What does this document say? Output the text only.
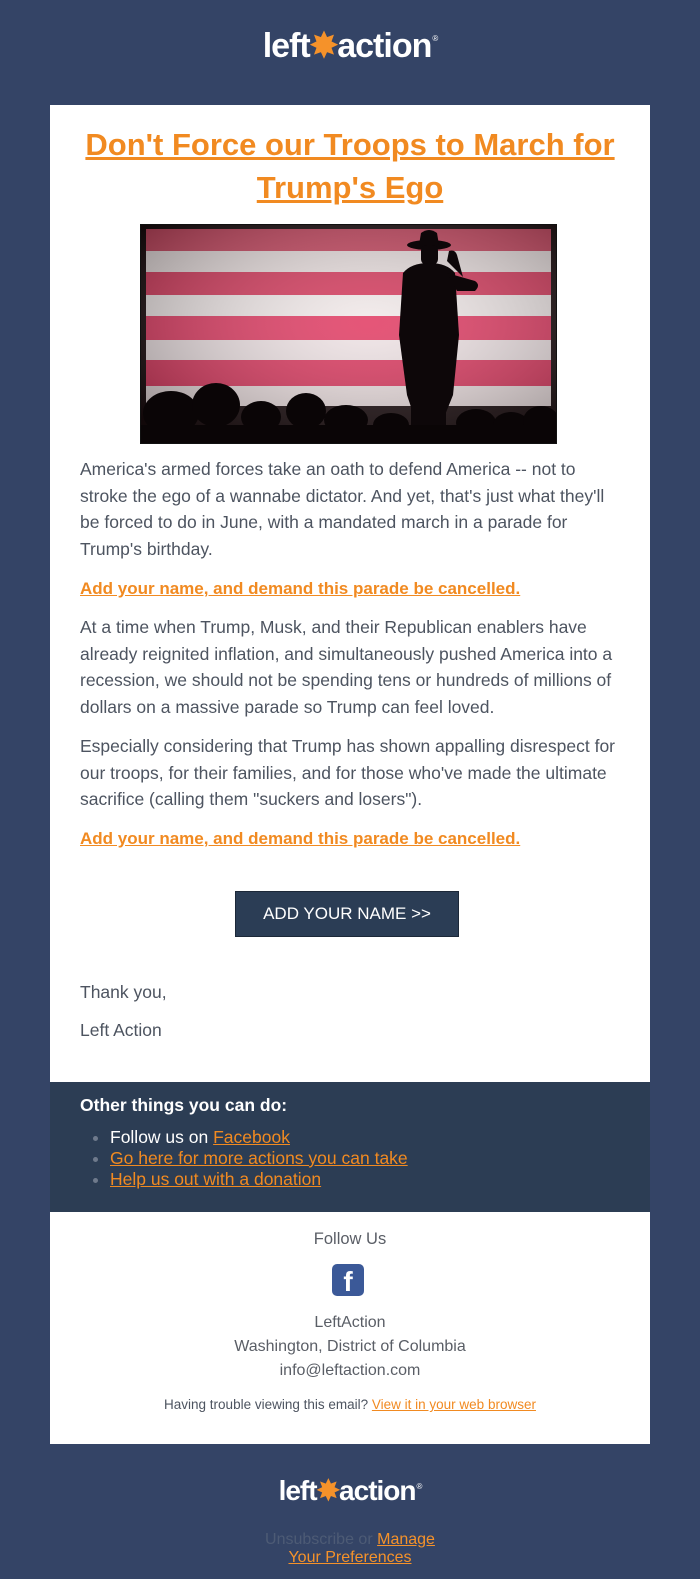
left✸action®
Don't Force our Troops to March for Trump's Ego

America's armed forces take an oath to defend America -- not to stroke the ego of a wannabe dictator. And yet, that's just what they'll be forced to do in June, with a mandated march in a parade for Trump's birthday.

Add your name, and demand this parade be cancelled.

At a time when Trump, Musk, and their Republican enablers have already reignited inflation, and simultaneously pushed America into a recession, we should not be spending tens or hundreds of millions of dollars on a massive parade so Trump can feel loved.

Especially considering that Trump has shown appalling disrespect for our troops, for their families, and for those who've made the ultimate sacrifice (calling them "suckers and losers").

Add your name, and demand this parade be cancelled.
ADD YOUR NAME >>
Thank you,
Left Action
Other things you can do:
• Follow us on Facebook
• Go here for more actions you can take
• Help us out with a donation
Follow Us
f
LeftAction
Washington, District of Columbia
info@leftaction.com
Having trouble viewing this email? View it in your web browser
left✸action®
Unsubscribe or Manage
Your Preferences
